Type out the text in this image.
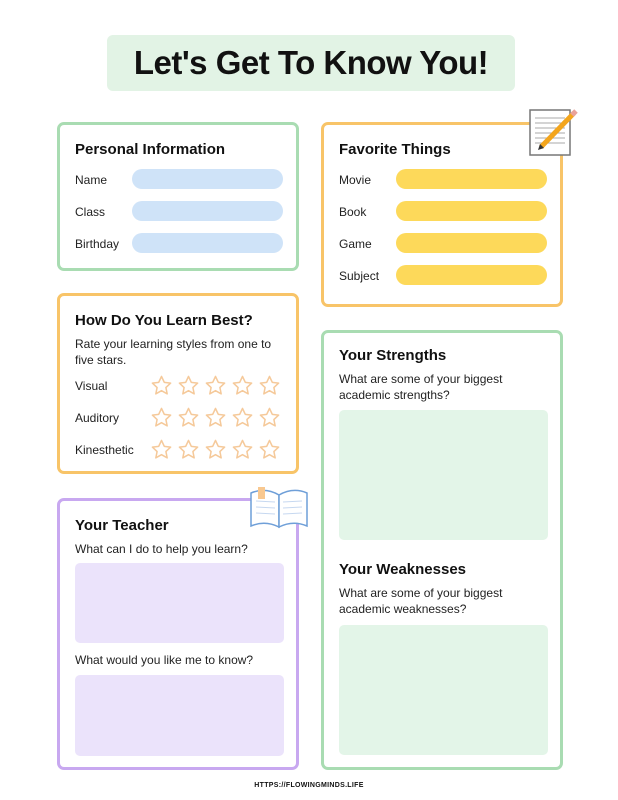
Let's Get To Know You!
Personal Information
Name
Class
Birthday
Favorite Things
Movie
Book
Game
Subject
How Do You Learn Best?
Rate your learning styles from one to five stars.
Visual
Auditory
Kinesthetic
Your Teacher
What can I do to help you learn?
What would you like me to know?
Your Strengths
What are some of your biggest academic strengths?
Your Weaknesses
What are some of your biggest academic weaknesses?
HTTPS://FLOWINGMINDS.LIFE
